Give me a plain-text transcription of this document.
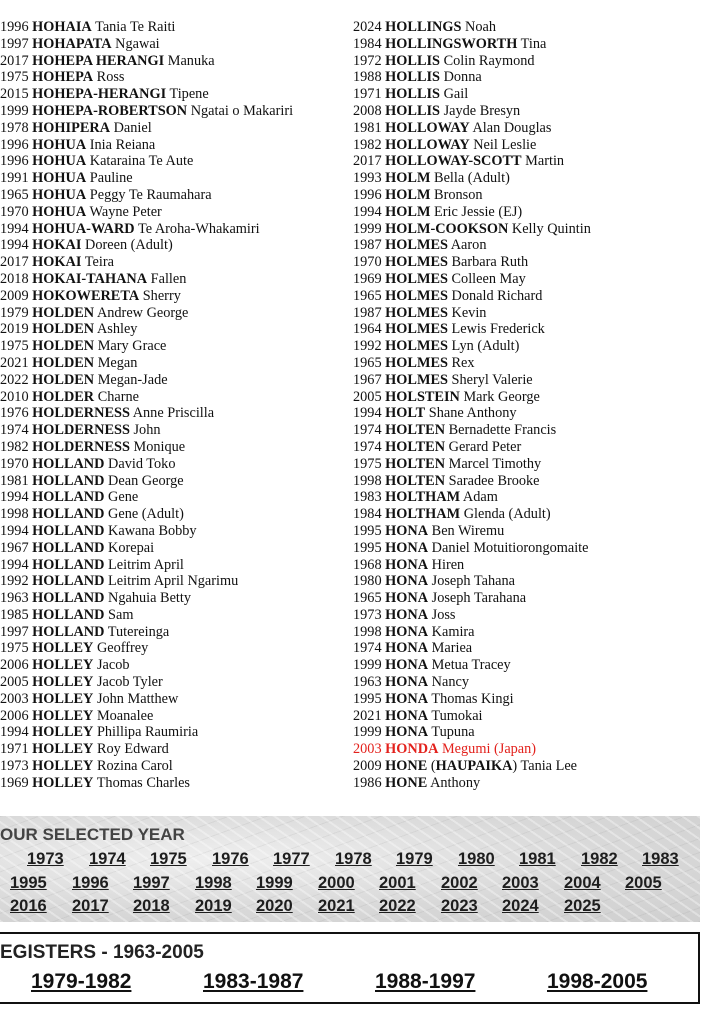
1996 HOHAIA Tania Te Raiti
1997 HOHAPATA Ngawai
2017 HOHEPA HERANGI Manuka
1975 HOHEPA Ross
2015 HOHEPA-HERANGI Tipene
1999 HOHEPA-ROBERTSON Ngatai o Makariri
1978 HOHIPERA Daniel
1996 HOHUA Inia Reiana
1996 HOHUA Kataraina Te Aute
1991 HOHUA Pauline
1965 HOHUA Peggy Te Raumahara
1970 HOHUA Wayne Peter
1994 HOHUA-WARD Te Aroha-Whakamiri
1994 HOKAI Doreen (Adult)
2017 HOKAI Teira
2018 HOKAI-TAHANA Fallen
2009 HOKOWERETA Sherry
1979 HOLDEN Andrew George
2019 HOLDEN Ashley
1975 HOLDEN Mary Grace
2021 HOLDEN Megan
2022 HOLDEN Megan-Jade
2010 HOLDER Charne
1976 HOLDERNESS Anne Priscilla
1974 HOLDERNESS John
1982 HOLDERNESS Monique
1970 HOLLAND David Toko
1981 HOLLAND Dean George
1994 HOLLAND Gene
1998 HOLLAND Gene (Adult)
1994 HOLLAND Kawana Bobby
1967 HOLLAND Korepai
1994 HOLLAND Leitrim April
1992 HOLLAND Leitrim April Ngarimu
1963 HOLLAND Ngahuia Betty
1985 HOLLAND Sam
1997 HOLLAND Tutereinga
1975 HOLLEY Geoffrey
2006 HOLLEY Jacob
2005 HOLLEY Jacob Tyler
2003 HOLLEY John Matthew
2006 HOLLEY Moanalee
1994 HOLLEY Phillipa Raumiria
1971 HOLLEY Roy Edward
1973 HOLLEY Rozina Carol
1969 HOLLEY Thomas Charles
2024 HOLLINGS Noah
1984 HOLLINGSWORTH Tina
1972 HOLLIS Colin Raymond
1988 HOLLIS Donna
1971 HOLLIS Gail
2008 HOLLIS Jayde Bresyn
1981 HOLLOWAY Alan Douglas
1982 HOLLOWAY Neil Leslie
2017 HOLLOWAY-SCOTT Martin
1993 HOLM Bella (Adult)
1996 HOLM Bronson
1994 HOLM Eric Jessie (EJ)
1999 HOLM-COOKSON Kelly Quintin
1987 HOLMES Aaron
1970 HOLMES Barbara Ruth
1969 HOLMES Colleen May
1965 HOLMES Donald Richard
1987 HOLMES Kevin
1964 HOLMES Lewis Frederick
1992 HOLMES Lyn (Adult)
1965 HOLMES Rex
1967 HOLMES Sheryl Valerie
2005 HOLSTEIN Mark George
1994 HOLT Shane Anthony
1974 HOLTEN Bernadette Francis
1974 HOLTEN Gerard Peter
1975 HOLTEN Marcel Timothy
1998 HOLTEN Saradee Brooke
1983 HOLTHAM Adam
1984 HOLTHAM Glenda (Adult)
1995 HONA Ben Wiremu
1995 HONA Daniel Motuitiorongomaite
1968 HONA Hiren
1980 HONA Joseph Tahana
1965 HONA Joseph Tarahana
1973 HONA Joss
1998 HONA Kamira
1974 HONA Mariea
1999 HONA Metua Tracey
1963 HONA Nancy
1995 HONA Thomas Kingi
2021 HONA Tumokai
1999 HONA Tupuna
2003 HONDA Megumi (Japan)
2009 HONE (HAUPAIKA) Tania Lee
1986 HONE Anthony
OUR SELECTED YEAR
1973 1974 1975 1976 1977 1978 1979 1980 1981 1982 1983
1995 1996 1997 1998 1999 2000 2001 2002 2003 2004 2005
2016 2017 2018 2019 2020 2021 2022 2023 2024 2025
EGISTERS - 1963-2005
1979-1982	1983-1987	1988-1997	1998-2005
